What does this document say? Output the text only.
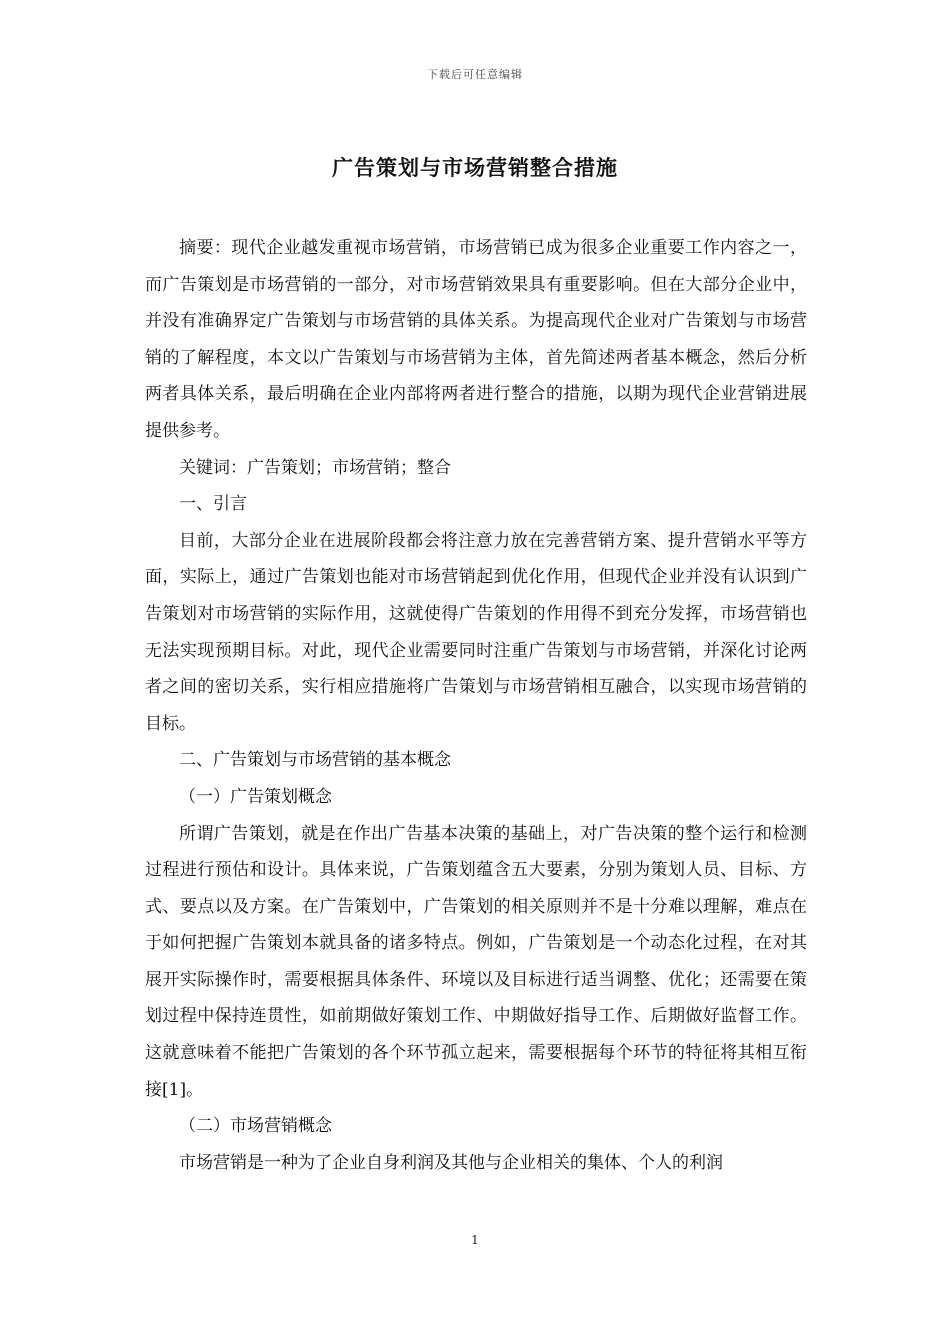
下载后可任意编辑
广告策划与市场营销整合措施

摘要：现代企业越发重视市场营销，市场营销已成为很多企业重要工作内容之一，而广告策划是市场营销的一部分，对市场营销效果具有重要影响。但在大部分企业中，并没有准确界定广告策划与市场营销的具体关系。为提高现代企业对广告策划与市场营销的了解程度，本文以广告策划与市场营销为主体，首先简述两者基本概念，然后分析两者具体关系，最后明确在企业内部将两者进行整合的措施，以期为现代企业营销进展提供参考。

关键词：广告策划；市场营销；整合

一、引言

目前，大部分企业在进展阶段都会将注意力放在完善营销方案、提升营销水平等方面，实际上，通过广告策划也能对市场营销起到优化作用，但现代企业并没有认识到广告策划对市场营销的实际作用，这就使得广告策划的作用得不到充分发挥，市场营销也无法实现预期目标。对此，现代企业需要同时注重广告策划与市场营销，并深化讨论两者之间的密切关系，实行相应措施将广告策划与市场营销相互融合，以实现市场营销的目标。

二、广告策划与市场营销的基本概念

（一）广告策划概念

所谓广告策划，就是在作出广告基本决策的基础上，对广告决策的整个运行和检测过程进行预估和设计。具体来说，广告策划蕴含五大要素，分别为策划人员、目标、方式、要点以及方案。在广告策划中，广告策划的相关原则并不是十分难以理解，难点在于如何把握广告策划本就具备的诸多特点。例如，广告策划是一个动态化过程，在对其展开实际操作时，需要根据具体条件、环境以及目标进行适当调整、优化；还需要在策划过程中保持连贯性，如前期做好策划工作、中期做好指导工作、后期做好监督工作。这就意味着不能把广告策划的各个环节孤立起来，需要根据每个环节的特征将其相互衔接[1]。

（二）市场营销概念

市场营销是一种为了企业自身利润及其他与企业相关的集体、个人的利润

1
